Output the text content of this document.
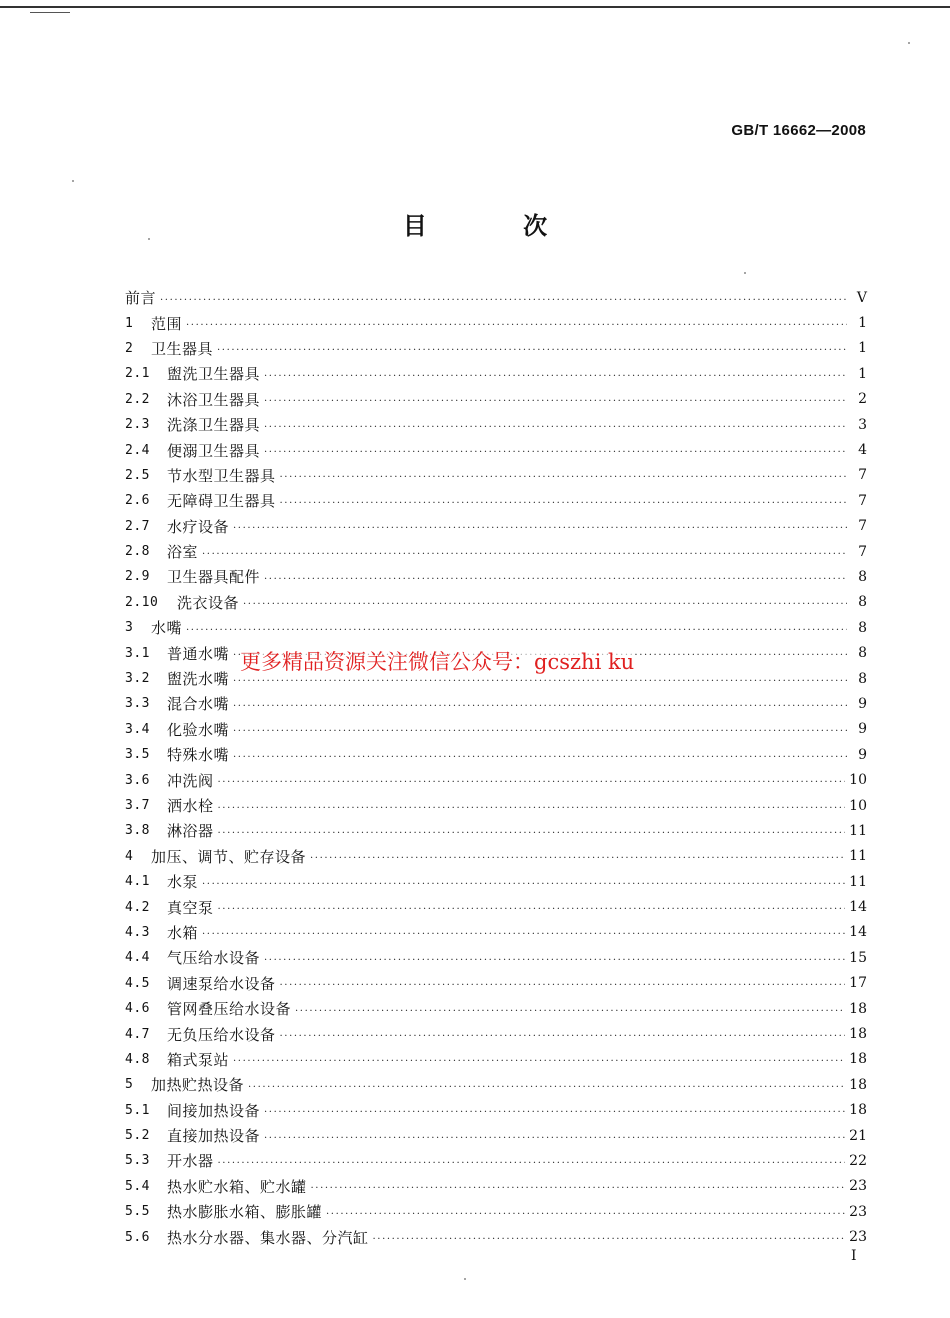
GB/T 16662—2008
目 次
前言 .....	V
1	范围 .....	1
2	卫生器具 .....	1
2.1	盥洗卫生器具 .....	1
2.2	沐浴卫生器具 .....	2
2.3	洗涤卫生器具 .....	3
2.4	便溺卫生器具 .....	4
2.5	节水型卫生器具 .....	7
2.6	无障碍卫生器具 .....	7
2.7	水疗设备 .....	7
2.8	浴室 .....	7
2.9	卫生器具配件 .....	8
2.10	洗衣设备 .....	8
3	水嘴 .....	8
3.1	普通水嘴 .....	8
3.2	盥洗水嘴 .....	8
3.3	混合水嘴 .....	9
3.4	化验水嘴 .....	9
3.5	特殊水嘴 .....	9
3.6	冲洗阀 .....	10
3.7	洒水栓 .....	10
3.8	淋浴器 .....	11
4	加压、调节、贮存设备 .....	11
4.1	水泵 .....	11
4.2	真空泵 .....	14
4.3	水箱 .....	14
4.4	气压给水设备 .....	15
4.5	调速泵给水设备 .....	17
4.6	管网叠压给水设备 .....	18
4.7	无负压给水设备 .....	18
4.8	箱式泵站 .....	18
5	加热贮热设备 .....	18
5.1	间接加热设备 .....	18
5.2	直接加热设备 .....	21
5.3	开水器 .....	22
5.4	热水贮水箱、贮水罐 .....	23
5.5	热水膨胀水箱、膨胀罐 .....	23
5.6	热水分水器、集水器、分汽缸 .....	23
更多精品资源关注微信公众号：gcszhi ku
I
